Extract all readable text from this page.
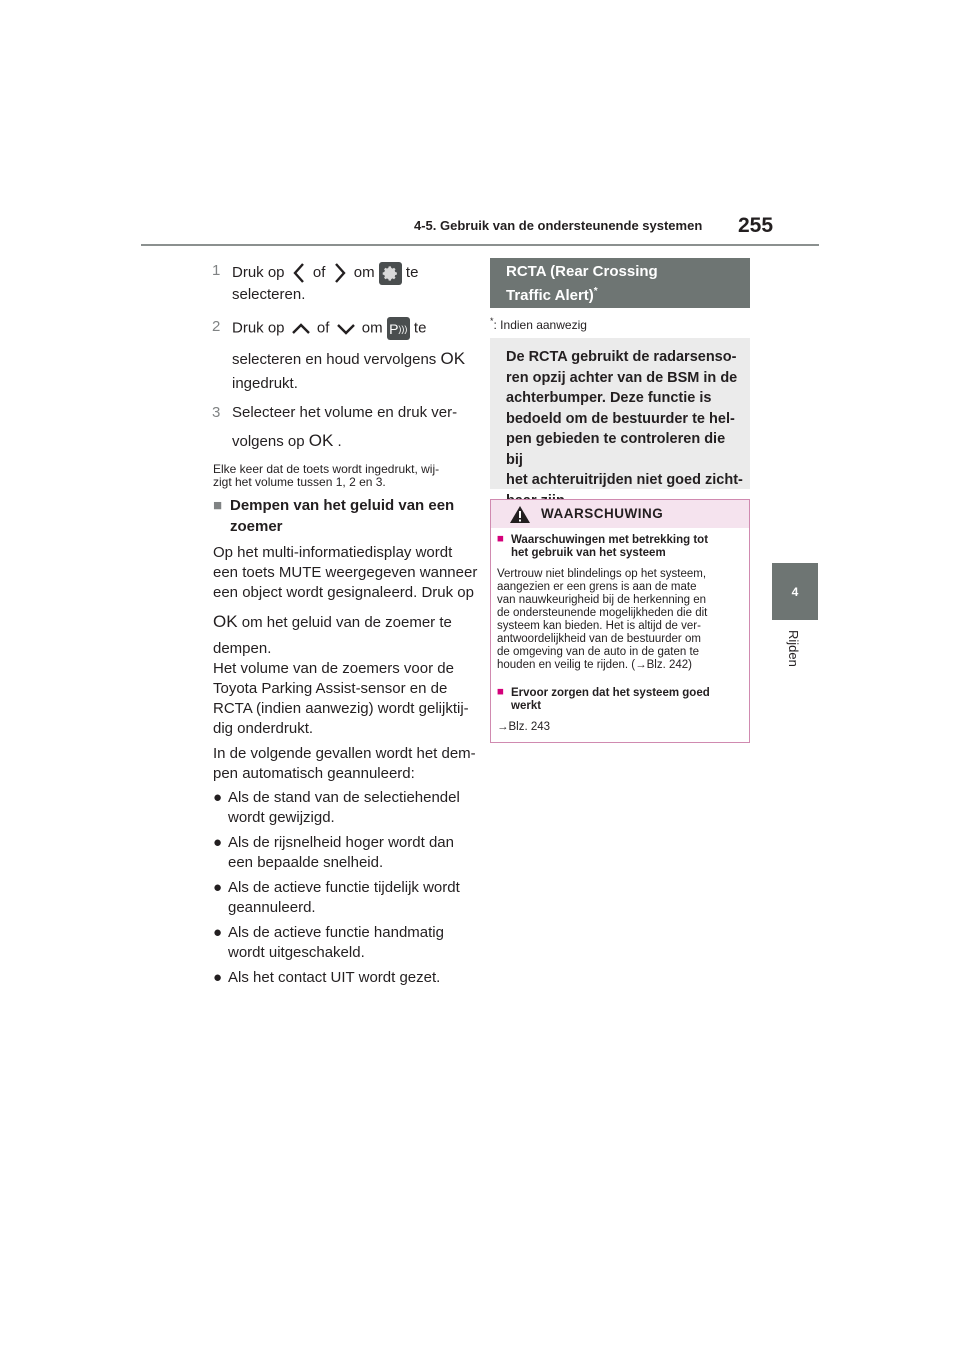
4-5. Gebruik van de ondersteunende systemen 255
4
Rijden
1 Druk op of om te
selecteren.
2 Druk op of om P ))) te
selecteren en houd vervolgens OK
ingedrukt.
3 Selecteer het volume en druk ver-
volgens op OK .
Elke keer dat de toets wordt ingedrukt, wij-
zigt het volume tussen 1, 2 en 3.
■ Dempen van het geluid van een
zoemer
Op het multi-informatiedisplay wordt
een toets MUTE weergegeven wanneer
een object wordt gesignaleerd. Druk op
OK om het geluid van de zoemer te
dempen.
Het volume van de zoemers voor de
Toyota Parking Assist-sensor en de
RCTA (indien aanwezig) wordt gelijktij-
dig onderdrukt.
In de volgende gevallen wordt het dem-
pen automatisch geannuleerd:
● Als de stand van de selectiehendel
wordt gewijzigd.
● Als de rijsnelheid hoger wordt dan
een bepaalde snelheid.
● Als de actieve functie tijdelijk wordt
geannuleerd.
● Als de actieve functie handmatig
wordt uitgeschakeld.
● Als het contact UIT wordt gezet.
RCTA (Rear Crossing
Traffic Alert)*
*: Indien aanwezig
De RCTA gebruikt de radarsenso-
ren opzij achter van de BSM in de
achterbumper. Deze functie is
bedoeld om de bestuurder te hel-
pen gebieden te controleren die bij
het achteruitrijden niet goed zicht-
WAARSCHUWING
■ Waarschuwingen met betrekking tot
het gebruik van het systeem
Vertrouw niet blindelings op het systeem,
aangezien er een grens is aan de mate
van nauwkeurigheid bij de herkenning en
de ondersteunende mogelijkheden die dit
systeem kan bieden. Het is altijd de ver-
antwoordelijkheid van de bestuurder om
de omgeving van de auto in de gaten te
houden en veilig te rijden. (→Blz. 242)
■ Ervoor zorgen dat het systeem goed
werkt
→Blz. 243
